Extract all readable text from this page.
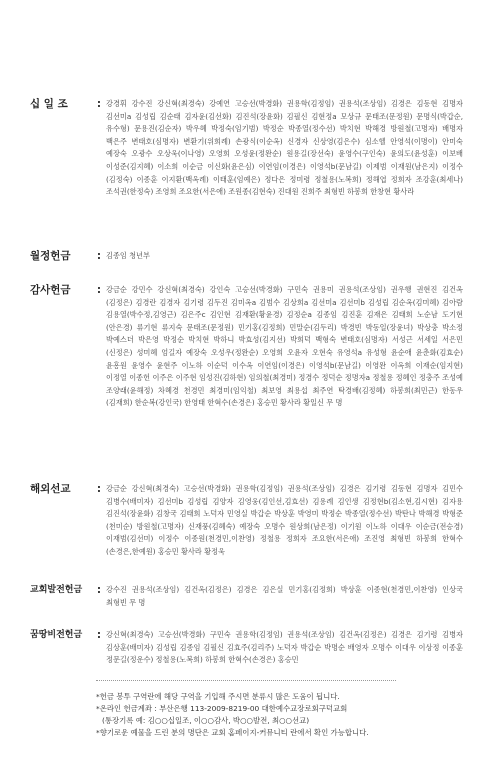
십 일 조	: 강경휘 강수진 강신혁(최경숙) 강예연 고승선(박경화) 권용학(김정임) 권용석(조상임) 김경은 김동현 김명자 김선미a 김성립 김순태 김자윤(김선화) 김진석(장윤화) 김필신 김현정a 모상규 문태조(문정원) 문명식(박갑순,유수형) 문용진(김순자) 박우혜 박정숙(임기범) 박정순 박종열(정수선) 박치현 박해경 방원철(고명자) 배명자 백은주 변태호(심명자) 변환기(위희례) 손광식(이순옥) 신경자 신상영(김은수) 심소헬 안영석(이명이) 안미숙 예장숙 오광수 오상욱(이나영) 오영희 오성윤(정완순) 원용길(장선숙) 윤영수(구인숙) 윤의도(윤성훈) 이보배 이성준(김지혜) 이소희 이순금 이신화(윤은심) 이연임(이경은) 이영석b(문남길) 이제범 이재원(남은지) 이정수(김정숙) 이종훈 이지환(백옥례) 이태훈(임예은) 정다은 정미령 정철용(노복희) 정해엽 정희자 조강훈(최세나) 조석권(한정숙) 조영희 조요한(서은애) 조원종(김현숙) 진대원 진희주 최형빈 하봉희 한창현 황사라
월정헌금	: 김종임 청년부
감사헌금	: 강금순 강민수 강신혁(최경숙) 강인숙 고승선(박경화) 구민숙 권용미 권용석(조상임) 권우행 권현진 김건옥(김정은) 김경란 김경자 김기령 김두진 김미옥a 김범수 김상희a 김선미a 김선미b 김성립 김순옥(김미혜) 김아람 김용열(박수정,김영근) 김은주c 김인현 김재환(황윤경) 김정순a 김종임 김진훈 김재은 김태희 노순남 도기현(안은경) 류기현 류지숙 문태조(문정원) 민기홍(김정희) 민말순(김두리) 박경빈 박동일(장윤녀) 박상충 박소정 박예스더 박은영 박정순 박치현 박하니 박효성(김지선) 박희덕 백형숙 변태호(심명자) 서성근 서세일 서은민(신정은) 성미혜 엄길자 예장숙 오성우(정완순) 오영희 오윤자 오현숙 유영석a 유성형 윤순애 윤춘화(김효순) 윤흥원 윤영수 윤현주 이노하 이순덕 이수옥 이연임(이경은) 이영석b(문남길) 이영완 이옥희 이재순(임지현) 이정열 이종헌 이주은 이주현 임성진(김하현) 임의철(최경미) 정경수 정덕순 정명자a 정철용 정혜인 정충주 조성예 조양래(윤해정) 차혜경 천경민 최경미(임익철) 최보영 최용섭 최주연 탁경배(김정혜) 하봉희(최민근) 한동우(김재희) 한순복(강인국) 한영태 한혁수(손경은) 홍승민 황사라 황일신 무 명
해외선교	: 강금순 강신혁(최경숙) 고승선(박경화) 권용학(김정임) 권용석(조상임) 김경은 김기령 김동현 김명자 김민수 김병수(배미자) 김선미b 김성립 김양자 김영웅(김인선,김효선) 김용례 김인생 김정현b(김소현,김시현) 김자용 김진석(장윤화) 김창국 김태희 노덕자 민영실 박갑순 박상훈 박영미 박정순 박종열(정수선) 박탄나 박해경 박형준(천미순) 방원철(고명자) 신재풍(김혜숙) 예장숙 오명수 원상희(남은정) 이기원 이노하 이대우 이순금(전승경) 이재범(김선미) 이정수 이종원(천경민,이찬영) 정철용 정희자 조요한(서은애) 조진영 최형빈 하봉희 한혁수(손경은,한예원) 홍승민 황사라 황정욱
교회발전헌금	: 강수진 권용석(조상임) 김건옥(김정은) 김경은 김은실 민기홍(김정희) 박상훈 이종현(천경민,이찬영) 인상국 최형빈 무 명
꿈땅비전헌금	: 강신혁(최경숙) 고승선(박경화) 구민숙 권용학(김정임) 권용석(조상임) 김건옥(김정은) 김경은 김기령 김병자 김상훈(배미자) 김성립 김종임 김필신 김효주(김리주) 노덕자 박갑순 박명순 배영자 오명수 이대우 이상정 이종훈 정문길(정운수) 정철용(노복희) 하봉희 한혁수(손경은) 홍승민
* 헌금 봉투 구역란에 해당 구역을 기입해 주시면 분류시 많은 도움이 됩니다.
* 온라인 헌금계좌 : 부산은행 113-2009-8219-00 대한예수교장로회구덕교회
(통장기록 예: 김○○십일조, 이○○감사, 박○○발전, 최○○선교)
* 향기로운 예물을 드린 분의 명단은 교회 홈페이지-커뮤니티 란에서 확인 가능합니다.
